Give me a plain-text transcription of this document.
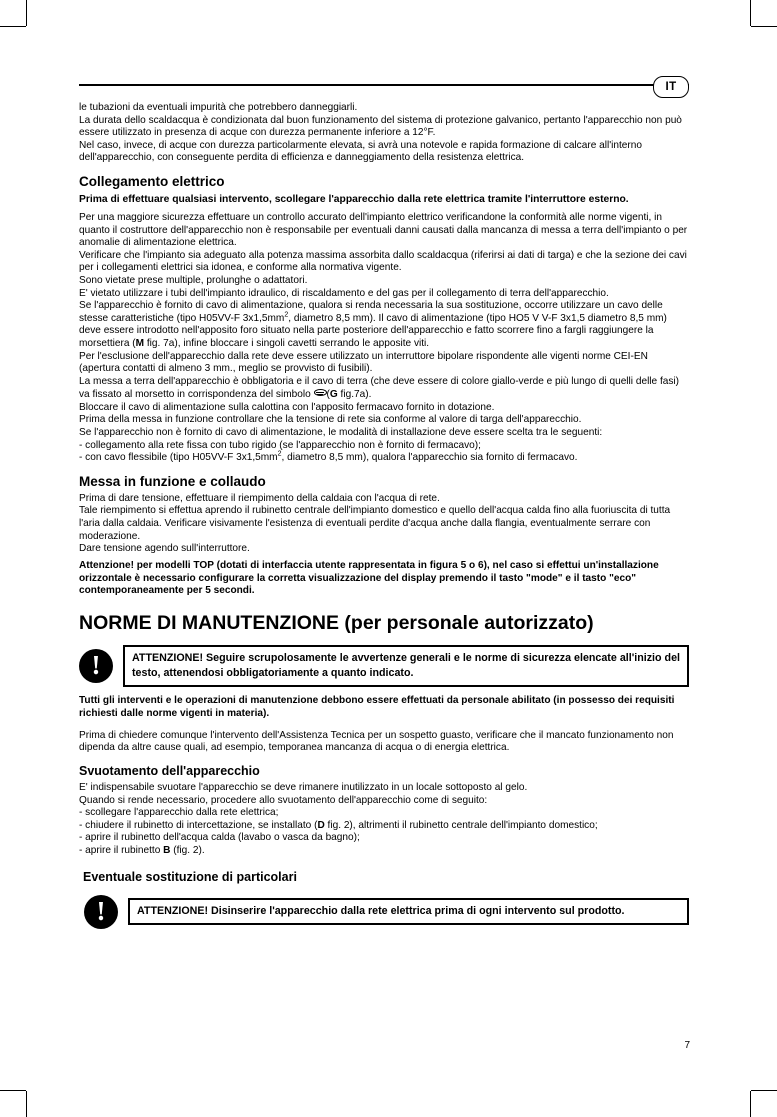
IT

le tubazioni da eventuali impurità che potrebbero danneggiarli.

La durata dello scaldacqua è condizionata dal buon funzionamento del sistema di protezione galvanico, pertanto l'apparecchio non può essere utilizzato in presenza di acque con durezza permanente inferiore a 12°F.

Nel caso, invece, di acque con durezza particolarmente elevata, si avrà una notevole e rapida formazione di calcare all'interno dell'apparecchio, con conseguente perdita di efficienza e danneggiamento della resistenza elettrica.

Collegamento elettrico
Prima di effettuare qualsiasi intervento, scollegare l'apparecchio dalla rete elettrica tramite l'interruttore esterno.

Per una maggiore sicurezza effettuare un controllo accurato dell'impianto elettrico verificandone la conformità alle norme vigenti, in quanto il costruttore dell'apparecchio non è responsabile per eventuali danni causati dalla mancanza di messa a terra dell'impianto o per anomalie di alimentazione elettrica.

Verificare che l'impianto sia adeguato alla potenza massima assorbita dallo scaldacqua (riferirsi ai dati di targa) e che la sezione dei cavi per i collegamenti elettrici sia idonea, e conforme alla normativa vigente.

Sono vietate prese multiple, prolunghe o adattatori.

E' vietato utilizzare i tubi dell'impianto idraulico, di riscaldamento e del gas per il collegamento di terra dell'apparecchio.

Se l'apparecchio è fornito di cavo di alimentazione, qualora si renda necessaria la sua sostituzione, occorre utilizzare un cavo delle stesse caratteristiche (tipo H05VV-F $3x1,5mm^2$, diametro 8,5 mm). Il cavo di alimentazione (tipo HO5 V V-F 3x1,5 diametro 8,5 mm) deve essere introdotto nell'apposito foro situato nella parte posteriore dell'apparecchio e fatto scorrere fino a fargli raggiungere la morsettiera (M fig. 7a), infine bloccare i singoli cavetti serrando le apposite viti.

Per l'esclusione dell'apparecchio dalla rete deve essere utilizzato un interruttore bipolare rispondente alle vigenti norme CEI-EN (apertura contatti di almeno 3 mm., meglio se provvisto di fusibili).

La messa a terra dell'apparecchio è obbligatoria e il cavo di terra (che deve essere di colore giallo-verde e più lungo di quelli delle fasi) va fissato al morsetto in corrispondenza del simbolo
(G fig.7a).

Bloccare il cavo di alimentazione sulla calottina con l'apposito fermacavo fornito in dotazione.

Prima della messa in funzione controllare che la tensione di rete sia conforme al valore di targa dell'apparecchio.

Se l'apparecchio non è fornito di cavo di alimentazione, le modalità di installazione deve essere scelta tra le seguenti:

- collegamento alla rete fissa con tubo rigido (se l'apparecchio non è fornito di fermacavo);

- con cavo flessibile (tipo H05VV-F $3x1,5mm^2$, diametro 8,5 mm), qualora l'apparecchio sia fornito di fermacavo.

Messa in funzione e collaudo

Prima di dare tensione, effettuare il riempimento della caldaia con l'acqua di rete.

Tale riempimento si effettua aprendo il rubinetto centrale dell'impianto domestico e quello dell'acqua calda fino alla fuoriuscita di tutta l'aria dalla caldaia. Verificare visivamente l'esistenza di eventuali perdite d'acqua anche dalla flangia, eventualmente serrare con moderazione.

Dare tensione agendo sull'interruttore.

Attenzione! per modelli TOP (dotati di interfaccia utente rappresentata in figura 5 o 6), nel caso si effettui un'installazione orizzontale è necessario configurare la corretta visualizzazione del display premendo il tasto "mode" e il tasto "eco" contemporaneamente per 5 secondi.
NORME DI MANUTENZIONE (per personale autorizzato)
!	ATTENZIONE! Seguire scrupolosamente le avvertenze generali e le norme di sicurezza elencate all'inizio del testo, attenendosi obbligatoriamente a quanto indicato.
Tutti gli interventi e le operazioni di manutenzione debbono essere effettuati da personale abilitato (in possesso dei requisiti richiesti dalle norme vigenti in materia).

Prima di chiedere comunque l'intervento dell'Assistenza Tecnica per un sospetto guasto, verificare che il mancato funzionamento non dipenda da altre cause quali, ad esempio, temporanea mancanza di acqua o di energia elettrica.

Svuotamento dell'apparecchio

E' indispensabile svuotare l'apparecchio se deve rimanere inutilizzato in un locale sottoposto al gelo.

Quando si rende necessario, procedere allo svuotamento dell'apparecchio come di seguito:

- scollegare l'apparecchio dalla rete elettrica;

- chiudere il rubinetto di intercettazione, se installato (D fig. 2), altrimenti il rubinetto centrale dell'impianto domestico;

- aprire il rubinetto dell'acqua calda (lavabo o vasca da bagno);

- aprire il rubinetto B (fig. 2).

Eventuale sostituzione di particolari
!	ATTENZIONE! Disinserire l'apparecchio dalla rete elettrica prima di ogni intervento sul prodotto.
7
